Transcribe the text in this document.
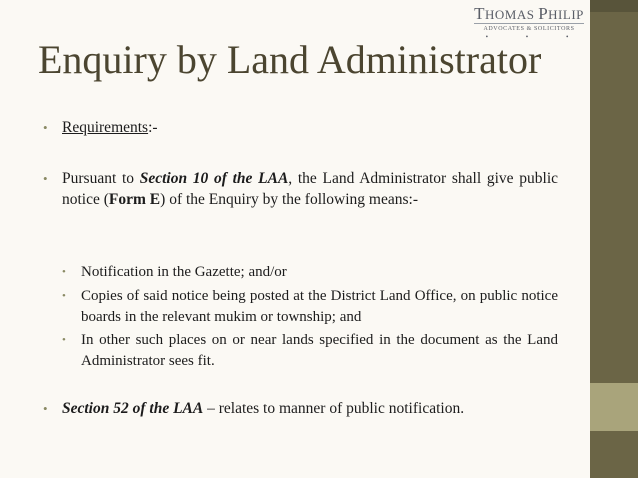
THOMAS PHILIP
ADVOCATES & SOLICITORS
• • •
Enquiry by Land Administrator
• Requirements:-
• Pursuant to Section 10 of the LAA, the Land Administrator shall give public notice (Form E) of the Enquiry by the following means:-
•	Notification in the Gazette; and/or
•	Copies of said notice being posted at the District Land Office, on public notice boards in the relevant mukim or township; and
•	In other such places on or near lands specified in the document as the Land Administrator sees fit.
• Section 52 of the LAA – relates to manner of public notification.
